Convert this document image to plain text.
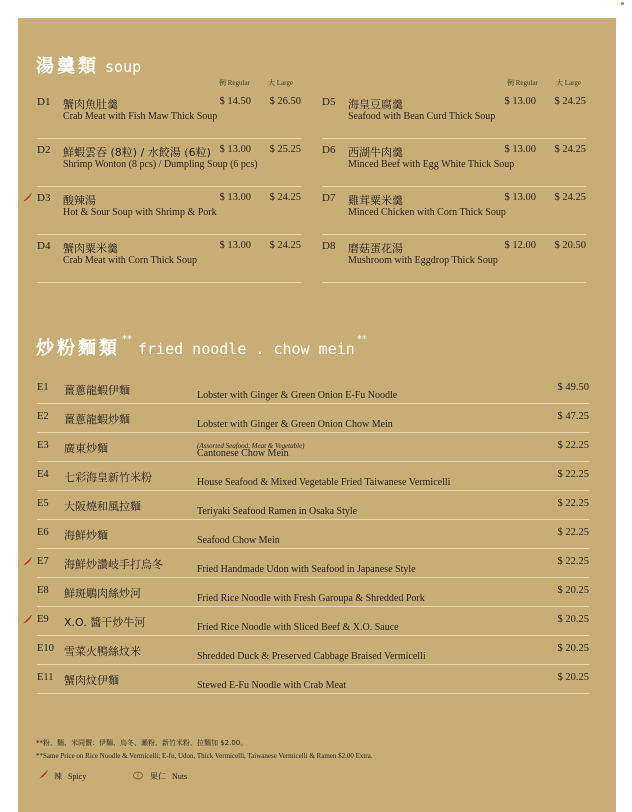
湯羹類 soup
例 Regular	大 Large	例 Regular	大 Large
D1 蟹肉魚肚羹
Crab Meat with Fish Maw Thick Soup
$ 14.50 $ 26.50
D2 鮮蝦雲吞 (8粒) / 水餃湯 (6粒)
Shrimp Wonton (8 pcs) / Dumpling Soup (6 pcs)
$ 13.00 $ 25.25
D3 酸辣湯
Hot & Sour Soup with Shrimp & Pork
$ 13.00 $ 24.25
D4 蟹肉粟米羹
Crab Meat with Corn Thick Soup
$ 13.00 $ 24.25
D5 海皇豆腐羹
Seafood with Bean Curd Thick Soup
$ 13.00 $ 24.25
D6 西湖牛肉羹
Minced Beef with Egg White Thick Soup
$ 13.00 $ 24.25
D7 雞茸粟米羹
Minced Chicken with Corn Thick Soup
$ 13.00 $ 24.25
D8 磨菇蛋花湯
Mushroom with Eggdrop Thick Soup
$ 12.00 $ 20.50
炒粉麵類 **fried noodle . chow mein**
E1 薑蔥龍蝦伊麵	Lobster with Ginger & Green Onion E-Fu Noodle
$ 49.50
E2 薑蔥龍蝦炒麵	Lobster with Ginger & Green Onion Chow Mein
$ 47.25
E3 廣東炒麵	Cantonese Chow Mein
(Assorted Seafood, Meat & Vegetable)	$ 22.25
E4 七彩海皇新竹米粉	House Seafood & Mixed Vegetable Fried Taiwanese Vermicelli
$ 22.25
E5 大阪燒和風拉麵	Teriyaki Seafood Ramen in Osaka Style
$ 22.25
E6 海鮮炒麵	Seafood Chow Mein
$ 22.25
E7 海鮮炒讚岐手打烏冬	Fried Handmade Udon with Seafood in Japanese Style
$ 22.25
E8 鮮斑鵰肉絲炒河	Fried Rice Noodle with Fresh Garoupa & Shredded Pork
$ 20.25
E9 X.O. 醬干炒牛河	Fried Rice Noodle with Sliced Beef & X.O. Sauce
$ 20.25
E10 雪菜火鴨絲炆米	Shredded Duck & Preserved Cabbage Braised Vermicelli
$ 20.25
E11 蟹肉炆伊麵	Stewed E-Fu Noodle with Crab Meat
$ 20.25
**粉、麵、米同價：伊麵、烏冬、瀨粉、新竹米粉、拉麵加 $2.00。
**Same Price on Rice Noodle & Vermicelli; E-fu, Udon, Thick Vermicelli, Taiwanese Vermicelli & Ramen $2.00 Extra.
辣 Spicy	果仁 Nuts
